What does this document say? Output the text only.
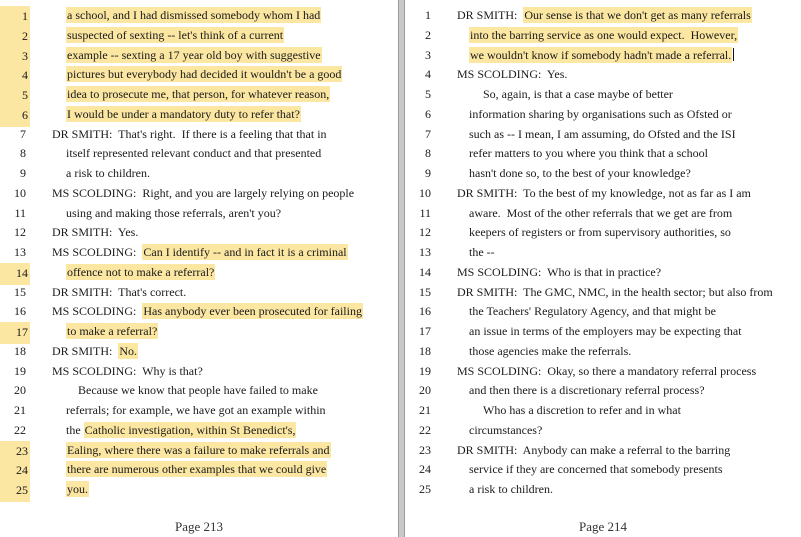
1	a school, and I had dismissed somebody whom I had
2	suspected of sexting -- let's think of a current
3	example -- sexting a 17 year old boy with suggestive
4	pictures but everybody had decided it wouldn't be a good
5	idea to prosecute me, that person, for whatever reason,
6	I would be under a mandatory duty to refer that?
7 DR SMITH:  That's right.  If there is a feeling that that in
8	itself represented relevant conduct and that presented
9	a risk to children.
10 MS SCOLDING:  Right, and you are largely relying on people
11	using and making those referrals, aren't you?
12 DR SMITH:  Yes.
13 MS SCOLDING:  Can I identify -- and in fact it is a criminal
14	offence not to make a referral?
15 DR SMITH:  That's correct.
16 MS SCOLDING:  Has anybody ever been prosecuted for failing
17	to make a referral?
18 DR SMITH:  No.
19 MS SCOLDING:  Why is that?
20	Because we know that people have failed to make
21	referrals; for example, we have got an example within
22	the Catholic investigation, within St Benedict's,
23	Ealing, where there was a failure to make referrals and
24	there are numerous other examples that we could give
25	you.
Page 213
1 DR SMITH:  Our sense is that we don't get as many referrals
2	into the barring service as one would expect.  However,
3	we wouldn't know if somebody hadn't made a referral.
4 MS SCOLDING:  Yes.
5	So, again, is that a case maybe of better
6	information sharing by organisations such as Ofsted or
7	such as -- I mean, I am assuming, do Ofsted and the ISI
8	refer matters to you where you think that a school
9	hasn't done so, to the best of your knowledge?
10 DR SMITH:  To the best of my knowledge, not as far as I am
11	aware.  Most of the other referrals that we get are from
12	keepers of registers or from supervisory authorities, so
13	the --
14 MS SCOLDING:  Who is that in practice?
15 DR SMITH:  The GMC, NMC, in the health sector; but also from
16	the Teachers' Regulatory Agency, and that might be
17	an issue in terms of the employers may be expecting that
18	those agencies make the referrals.
19 MS SCOLDING:  Okay, so there a mandatory referral process
20	and then there is a discretionary referral process?
21	Who has a discretion to refer and in what
22	circumstances?
23 DR SMITH:  Anybody can make a referral to the barring
24	service if they are concerned that somebody presents
25	a risk to children.
Page 214
